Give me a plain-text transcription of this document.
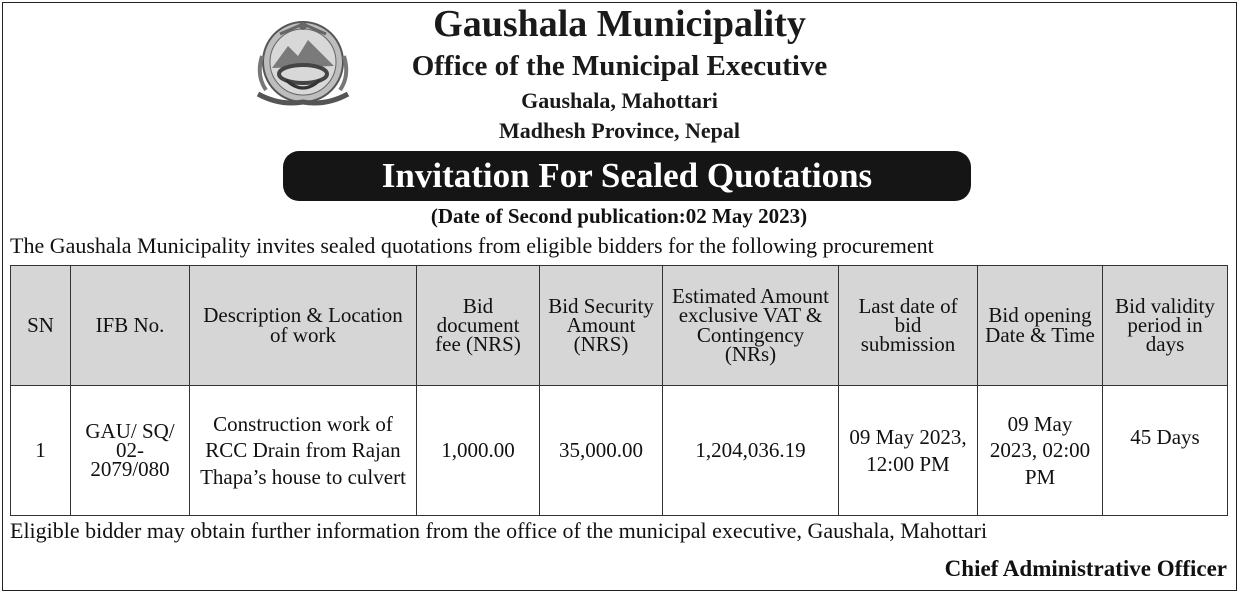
Gaushala Municipality
Office of the Municipal Executive
Gaushala, Mahottari
Madhesh Province, Nepal
Invitation For Sealed Quotations
(Date of Second publication:02 May 2023)
The Gaushala Municipality invites sealed quotations from eligible bidders for the following procurement
SN	IFB No.	Description & Location of work	Bid document fee (NRS)	Bid Security Amount (NRS)	Estimated Amount exclusive VAT & Contingency (NRs)	Last date of bid submission	Bid opening Date & Time	Bid validity period in days
1	GAU/ SQ/ 02- 2079/080	Construction work of RCC Drain from Rajan Thapa’s house to culvert	1,000.00	35,000.00	1,204,036.19	09 May 2023, 12:00 PM	09 May 2023, 02:00 PM	45 Days
Eligible bidder may obtain further information from the office of the municipal executive, Gaushala, Mahottari
Chief Administrative Officer
